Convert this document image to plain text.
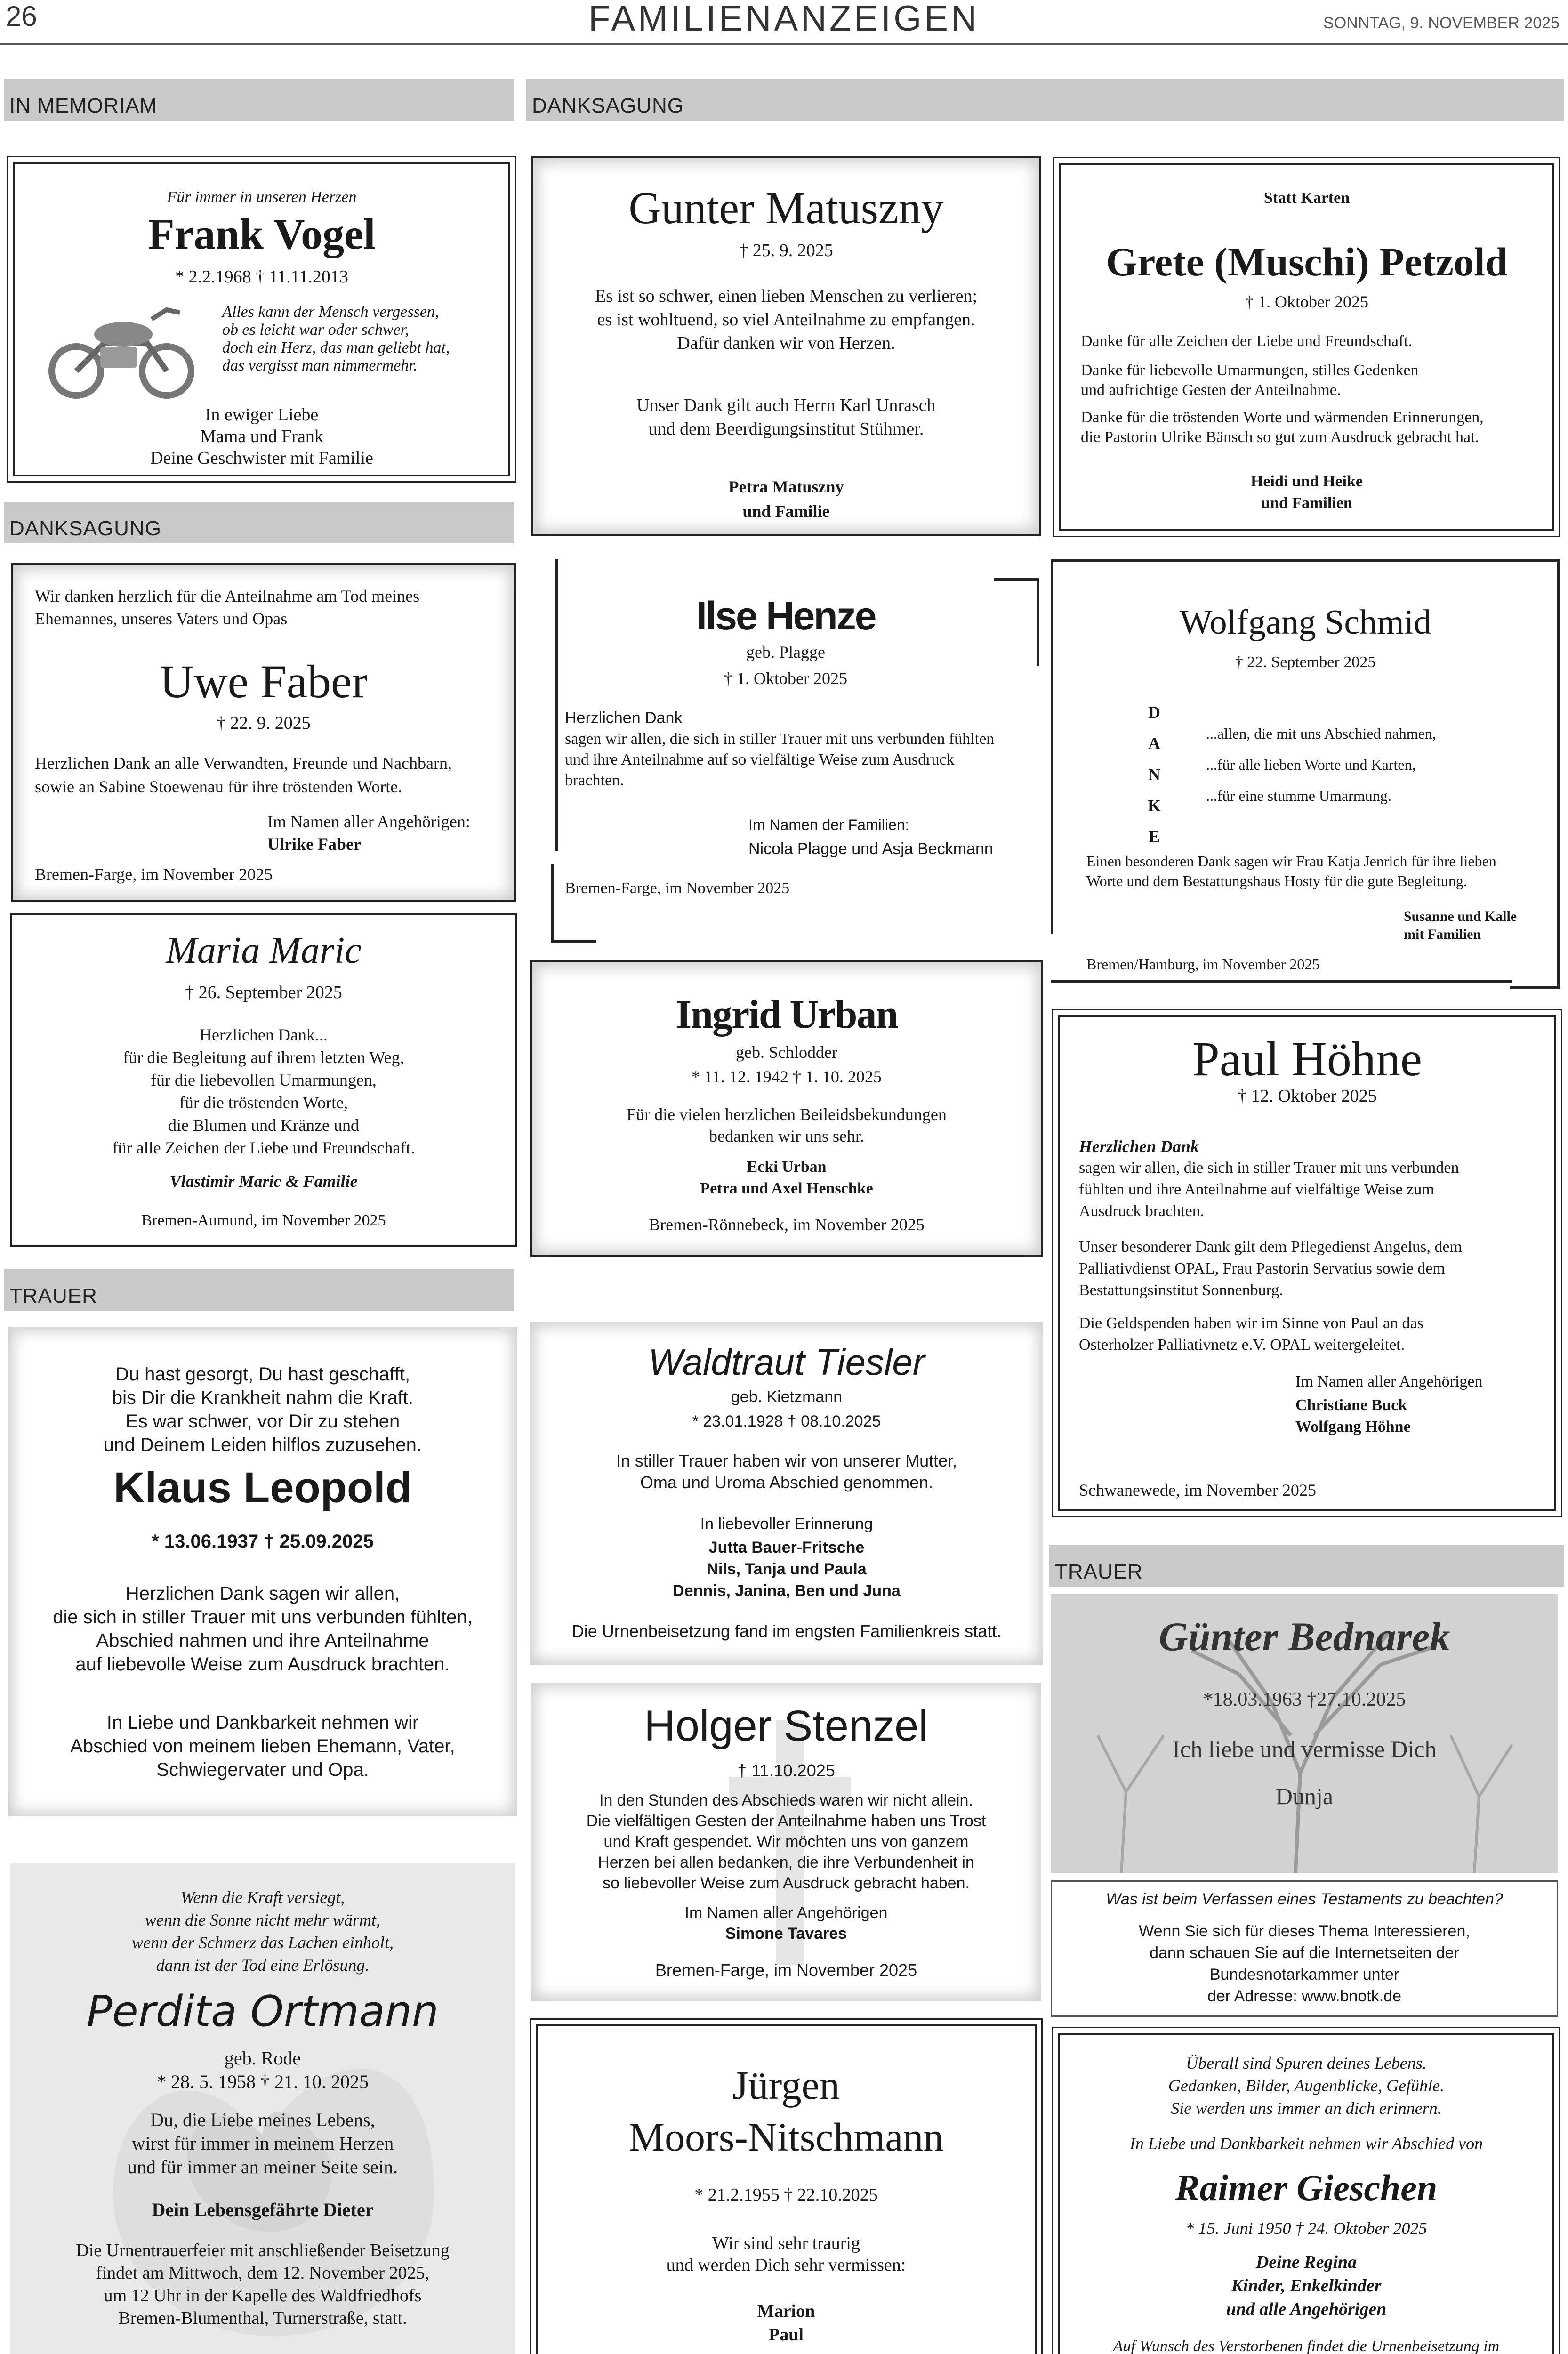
26	FAMILIENANZEIGEN	SONNTAG, 9. NOVEMBER 2025
IN MEMORIAM	DANKSAGUNG
DANKSAGUNG
TRAUER
TRAUER
Für immer in unseren Herzen
Frank Vogel
* 2.2.1968 † 11.11.2013
Alles kann der Mensch vergessen,
ob es leicht war oder schwer,
doch ein Herz, das man geliebt hat,
das vergisst man nimmermehr.
In ewiger Liebe
Mama und Frank
Deine Geschwister mit Familie
Gunter Matuszny
† 25. 9. 2025
Es ist so schwer, einen lieben Menschen zu verlieren;
es ist wohltuend, so viel Anteilnahme zu empfangen.
Dafür danken wir von Herzen.
Unser Dank gilt auch Herrn Karl Unrasch
und dem Beerdigungsinstitut Stühmer.
Petra Matuszny
und Familie
Statt Karten
Grete (Muschi) Petzold
† 1. Oktober 2025
Danke für alle Zeichen der Liebe und Freundschaft.
Danke für liebevolle Umarmungen, stilles Gedenken
und aufrichtige Gesten der Anteilnahme.
Danke für die tröstenden Worte und wärmenden Erinnerungen,
die Pastorin Ulrike Bänsch so gut zum Ausdruck gebracht hat.
Heidi und Heike
und Familien
Wir danken herzlich für die Anteilnahme am Tod meines
Ehemannes, unseres Vaters und Opas
Uwe Faber
† 22. 9. 2025
Herzlichen Dank an alle Verwandten, Freunde und Nachbarn,
sowie an Sabine Stoewenau für ihre tröstenden Worte.
Im Namen aller Angehörigen:
Ulrike Faber
Bremen-Farge, im November 2025
Ilse Henze
geb. Plagge
† 1. Oktober 2025
Herzlichen Dank
sagen wir allen, die sich in stiller Trauer mit uns verbunden fühlten
und ihre Anteilnahme auf so vielfältige Weise zum Ausdruck
brachten.
Im Namen der Familien:
Nicola Plagge und Asja Beckmann
Bremen-Farge, im November 2025
Wolfgang Schmid
† 22. September 2025
D
A
N
K
E
...allen, die mit uns Abschied nahmen,
...für alle lieben Worte und Karten,
...für eine stumme Umarmung.
Einen besonderen Dank sagen wir Frau Katja Jenrich für ihre lieben
Worte und dem Bestattungshaus Hosty für die gute Begleitung.
Susanne und Kalle
mit Familien
Bremen/Hamburg, im November 2025
Maria Maric
† 26. September 2025
Herzlichen Dank...
für die Begleitung auf ihrem letzten Weg,
für die liebevollen Umarmungen,
für die tröstenden Worte,
die Blumen und Kränze und
für alle Zeichen der Liebe und Freundschaft.
Vlastimir Maric & Familie
Bremen-Aumund, im November 2025
Ingrid Urban
geb. Schlodder
* 11. 12. 1942 † 1. 10. 2025
Für die vielen herzlichen Beileidsbekundungen
bedanken wir uns sehr.
Ecki Urban
Petra und Axel Henschke
Bremen-Rönnebeck, im November 2025
Paul Höhne
† 12. Oktober 2025
Herzlichen Dank
sagen wir allen, die sich in stiller Trauer mit uns verbunden
fühlten und ihre Anteilnahme auf vielfältige Weise zum
Ausdruck brachten.
Unser besonderer Dank gilt dem Pflegedienst Angelus, dem
Palliativdienst OPAL, Frau Pastorin Servatius sowie dem
Bestattungsinstitut Sonnenburg.
Die Geldspenden haben wir im Sinne von Paul an das
Osterholzer Palliativnetz e.V. OPAL weitergeleitet.
Im Namen aller Angehörigen
Christiane Buck
Wolfgang Höhne
Schwanewede, im November 2025
Du hast gesorgt, Du hast geschafft,
bis Dir die Krankheit nahm die Kraft.
Es war schwer, vor Dir zu stehen
und Deinem Leiden hilflos zuzusehen.
Klaus Leopold
* 13.06.1937 † 25.09.2025
Herzlichen Dank sagen wir allen,
die sich in stiller Trauer mit uns verbunden fühlten,
Abschied nahmen und ihre Anteilnahme
auf liebevolle Weise zum Ausdruck brachten.
In Liebe und Dankbarkeit nehmen wir
Abschied von meinem lieben Ehemann, Vater,
Schwiegervater und Opa.
Waldtraut Tiesler
geb. Kietzmann
* 23.01.1928 † 08.10.2025
In stiller Trauer haben wir von unserer Mutter,
Oma und Uroma Abschied genommen.
In liebevoller Erinnerung
Jutta Bauer-Fritsche
Nils, Tanja und Paula
Dennis, Janina, Ben und Juna
Die Urnenbeisetzung fand im engsten Familienkreis statt.	Günter Bednarek
*18.03.1963 †27.10.2025
Ich liebe und vermisse Dich
Dunja
Holger Stenzel
† 11.10.2025
In den Stunden des Abschieds waren wir nicht allein.
Die vielfältigen Gesten der Anteilnahme haben uns Trost
und Kraft gespendet. Wir möchten uns von ganzem
Herzen bei allen bedanken, die ihre Verbundenheit in
so liebevoller Weise zum Ausdruck gebracht haben.
Im Namen aller Angehörigen
Simone Tavares
Bremen-Farge, im November 2025
Was ist beim Verfassen eines Testaments zu beachten?
Wenn Sie sich für dieses Thema Interessieren,
dann schauen Sie auf die Internetseiten der
Bundesnotarkammer unter
der Adresse: www.bnotk.de
Wenn die Kraft versiegt,
wenn die Sonne nicht mehr wärmt,
wenn der Schmerz das Lachen einholt,
dann ist der Tod eine Erlösung.
Perdita Ortmann
geb. Rode
* 28. 5. 1958 † 21. 10. 2025
Du, die Liebe meines Lebens,
wirst für immer in meinem Herzen
und für immer an meiner Seite sein.
Dein Lebensgefährte Dieter
Die Urnentrauerfeier mit anschließender Beisetzung
findet am Mittwoch, dem 12. November 2025,
um 12 Uhr in der Kapelle des Waldfriedhofs
Bremen-Blumenthal, Turnerstraße, statt.
Jürgen
Moors-Nitschmann
* 21.2.1955 † 22.10.2025
Wir sind sehr traurig
und werden Dich sehr vermissen:
Marion
Paul
Überall sind Spuren deines Lebens.
Gedanken, Bilder, Augenblicke, Gefühle.
Sie werden uns immer an dich erinnern.
In Liebe und Dankbarkeit nehmen wir Abschied von
Raimer Gieschen
* 15. Juni 1950 † 24. Oktober 2025
Deine Regina
Kinder, Enkelkinder
und alle Angehörigen
Auf Wunsch des Verstorbenen findet die Urnenbeisetzung im
